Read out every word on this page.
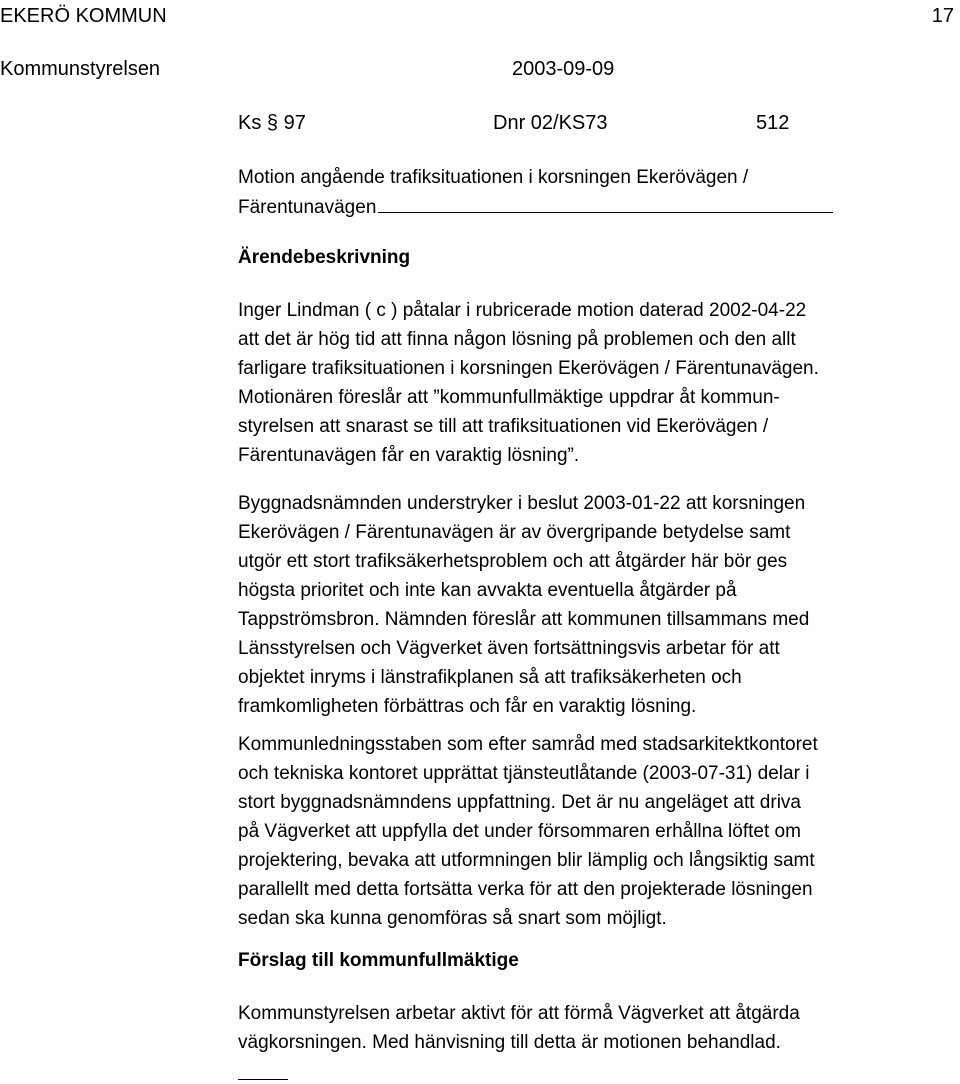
EKERÖ KOMMUN	17
Kommunstyrelsen	2003-09-09
Ks § 97	Dnr 02/KS73	512
Motion angående trafiksituationen i korsningen Ekerövägen /
Färentunavägen
Ärendebeskrivning

Inger Lindman ( c ) påtalar i rubricerade motion daterad 2002-04-22

att det är hög tid att finna någon lösning på problemen och den allt

farligare trafiksituationen i korsningen Ekerövägen / Färentunavägen.

Motionären föreslår att ”kommunfullmäktige uppdrar åt kommun-

styrelsen att snarast se till att trafiksituationen vid Ekerövägen /

Färentunavägen får en varaktig lösning”.

Byggnadsnämnden understryker i beslut 2003-01-22 att korsningen

Ekerövägen / Färentunavägen är av övergripande betydelse samt

utgör ett stort trafiksäkerhetsproblem och att åtgärder här bör ges

högsta prioritet och inte kan avvakta eventuella åtgärder på

Tappströmsbron. Nämnden föreslår att kommunen tillsammans med

Länsstyrelsen och Vägverket även fortsättningsvis arbetar för att

objektet inryms i länstrafikplanen så att trafiksäkerheten och

framkomligheten förbättras och får en varaktig lösning.

Kommunledningsstaben som efter samråd med stadsarkitektkontoret

och tekniska kontoret upprättat tjänsteutlåtande (2003-07-31) delar i

stort byggnadsnämndens uppfattning. Det är nu angeläget att driva

på Vägverket att uppfylla det under försommaren erhållna löftet om

projektering, bevaka att utformningen blir lämplig och långsiktig samt

parallellt med detta fortsätta verka för att den projekterade lösningen

sedan ska kunna genomföras så snart som möjligt.

Förslag till kommunfullmäktige

Kommunstyrelsen arbetar aktivt för att förmå Vägverket att åtgärda

vägkorsningen. Med hänvisning till detta är motionen behandlad.
